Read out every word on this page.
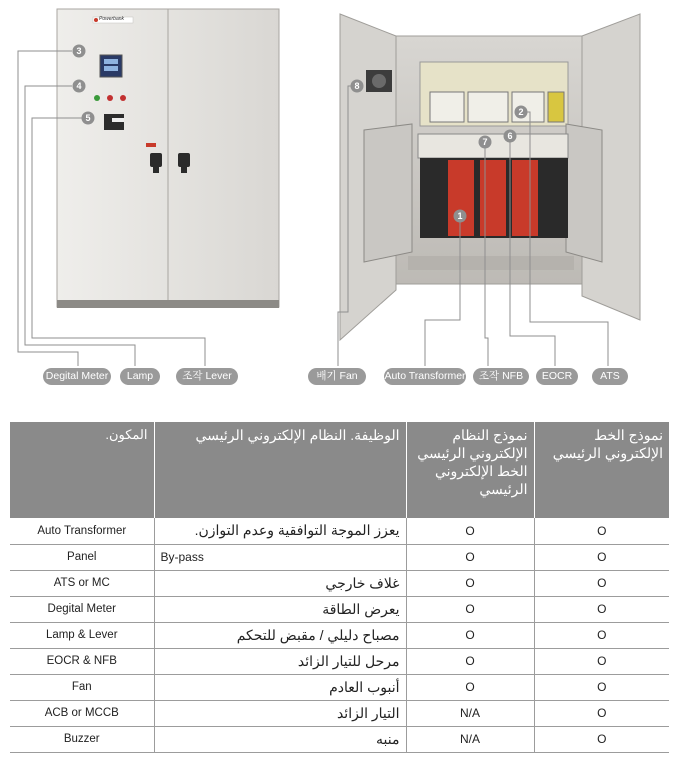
3
4
5
8
2
7
6
1
Powerbank
Degital Meter	Lamp	조작 Lever	배기 Fan	Auto Transformer	조작 NFB	EOCR	ATS
.المكون	الوظيفة. النظام الإلكتروني الرئيسي	نموذج النظام الإلكتروني الرئيسي الخط الإلكتروني الرئيسي	نموذج الخط الإلكتروني الرئيسي
Auto Transformer	.يعزز الموجة التوافقية وعدم التوازن	O	O
Panel	By-pass	O	O
ATS or MC	غلاف خارجي	O	O
Degital Meter	يعرض الطاقة	O	O
Lamp & Lever	مصباح دليلي / مقبض للتحكم	O	O
EOCR & NFB	مرحل للتيار الزائد	O	O
Fan	أنبوب العادم	O	O
ACB or MCCB	التيار الزائد	N/A	O
Buzzer	منبه	N/A	O
